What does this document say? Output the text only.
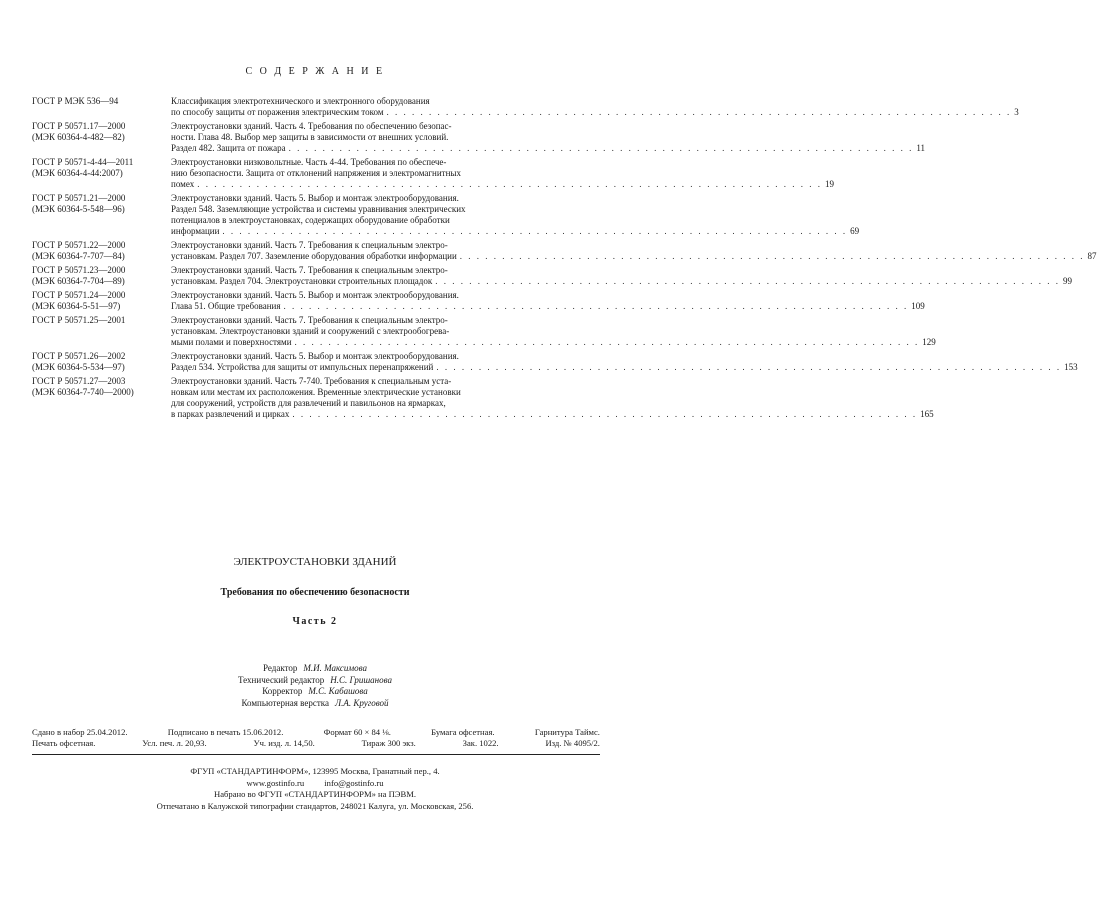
С О Д Е Р Ж А Н И Е
ГОСТ Р МЭК 536—94	Классификация электротехнического и электронного оборудования
по способу защиты от поражения электрическим током . . .	3
ГОСТ Р 50571.17—2000
(МЭК 60364-4-482—82)
Электроустановки зданий. Часть 4. Требования по обеспечению безопас-
ности. Глава 48. Выбор мер защиты в зависимости от внешних условий.
Раздел 482. Защита от пожара . . .	11
ГОСТ Р 50571-4-44—2011
(МЭК 60364-4-44:2007)
Электроустановки низковольтные. Часть 4-44. Требования по обеспече-
нию безопасности. Защита от отклонений напряжения и электромагнитных
помех . . .	19
ГОСТ Р 50571.21—2000
(МЭК 60364-5-548—96)
Электроустановки зданий. Часть 5. Выбор и монтаж электрооборудования.
Раздел 548. Заземляющие устройства и системы уравнивания электрических
потенциалов в электроустановках, содержащих оборудование обработки
информации . . .	69
ГОСТ Р 50571.22—2000
(МЭК 60364-7-707—84)
Электроустановки зданий. Часть 7. Требования к специальным электро-
установкам. Раздел 707. Заземление оборудования обработки информации . . .	87
ГОСТ Р 50571.23—2000
(МЭК 60364-7-704—89)
Электроустановки зданий. Часть 7. Требования к специальным электро-
установкам. Раздел 704. Электроустановки строительных площадок . . .	99
ГОСТ Р 50571.24—2000
(МЭК 60364-5-51—97)
Электроустановки зданий. Часть 5. Выбор и монтаж электрооборудования.
Глава 51. Общие требования . . .	109
ГОСТ Р 50571.25—2001	Электроустановки зданий. Часть 7. Требования к специальным электро-
установкам. Электроустановки зданий и сооружений с электрообогрева-
мыми полами и поверхностями . . .	129
ГОСТ Р 50571.26—2002
(МЭК 60364-5-534—97)
Электроустановки зданий. Часть 5. Выбор и монтаж электрооборудования.
Раздел 534. Устройства для защиты от импульсных перенапряжений . . .	153
ГОСТ Р 50571.27—2003
(МЭК 60364-7-740—2000)
Электроустановки зданий. Часть 7-740. Требования к специальным уста-
новкам или местам их расположения. Временные электрические установки
для сооружений, устройств для развлечений и павильонов на ярмарках,
в парках развлечений и цирках . . .	165
ЭЛЕКТРОУСТАНОВКИ ЗДАНИЙ
Требования по обеспечению безопасности
Часть 2
Редактор М.И. Максимова
Технический редактор Н.С. Гришанова
Корректор М.С. Кабашова
Компьютерная верстка Л.А. Круговой
Сдано в набор 25.04.2012.	Подписано в печать 15.06.2012.	Формат 60 × 84 ⅛.	Бумага офсетная.	Гарнитура Таймс.
Печать офсетная.	Усл. печ. л. 20,93.	Уч. изд. л. 14,50.	Тираж 300 экз.	Зак. 1022.	Изд. № 4095/2.
ФГУП «СТАНДАРТИНФОРМ», 123995 Москва, Гранатный пер., 4.
www.gostinfo.ru info@gostinfo.ru
Набрано во ФГУП «СТАНДАРТИНФОРМ» на ПЭВМ.
Отпечатано в Калужской типографии стандартов, 248021 Калуга, ул. Московская, 256.
